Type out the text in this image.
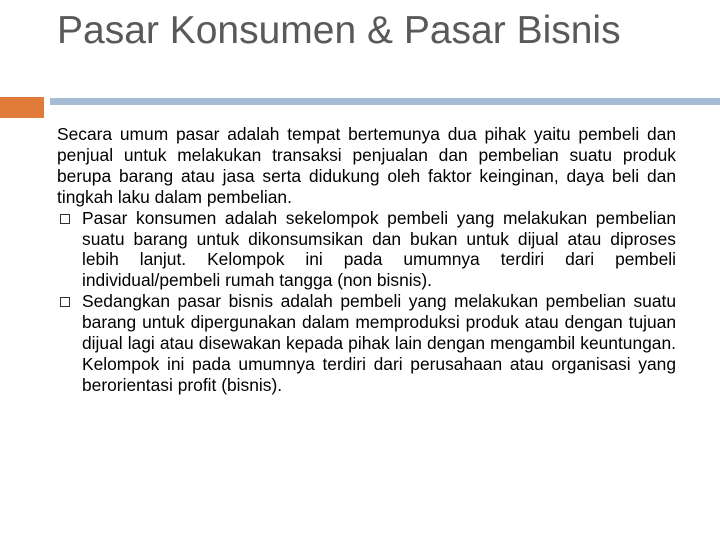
Pasar Konsumen & Pasar Bisnis

Secara umum pasar adalah tempat bertemunya dua pihak yaitu pembeli dan penjual untuk melakukan transaksi penjualan dan pembelian suatu produk berupa barang atau jasa serta didukung oleh faktor keinginan, daya beli dan tingkah laku dalam pembelian.

Pasar konsumen adalah sekelompok pembeli yang melakukan pembelian suatu barang untuk dikonsumsikan dan bukan untuk dijual atau diproses lebih lanjut. Kelompok ini pada umumnya terdiri dari pembeli individual/pembeli rumah tangga (non bisnis).
Sedangkan pasar bisnis adalah pembeli yang melakukan pembelian suatu barang untuk dipergunakan dalam memproduksi produk atau dengan tujuan dijual lagi atau disewakan kepada pihak lain dengan mengambil keuntungan. Kelompok ini pada umumnya terdiri dari perusahaan atau organisasi yang berorientasi profit (bisnis).
